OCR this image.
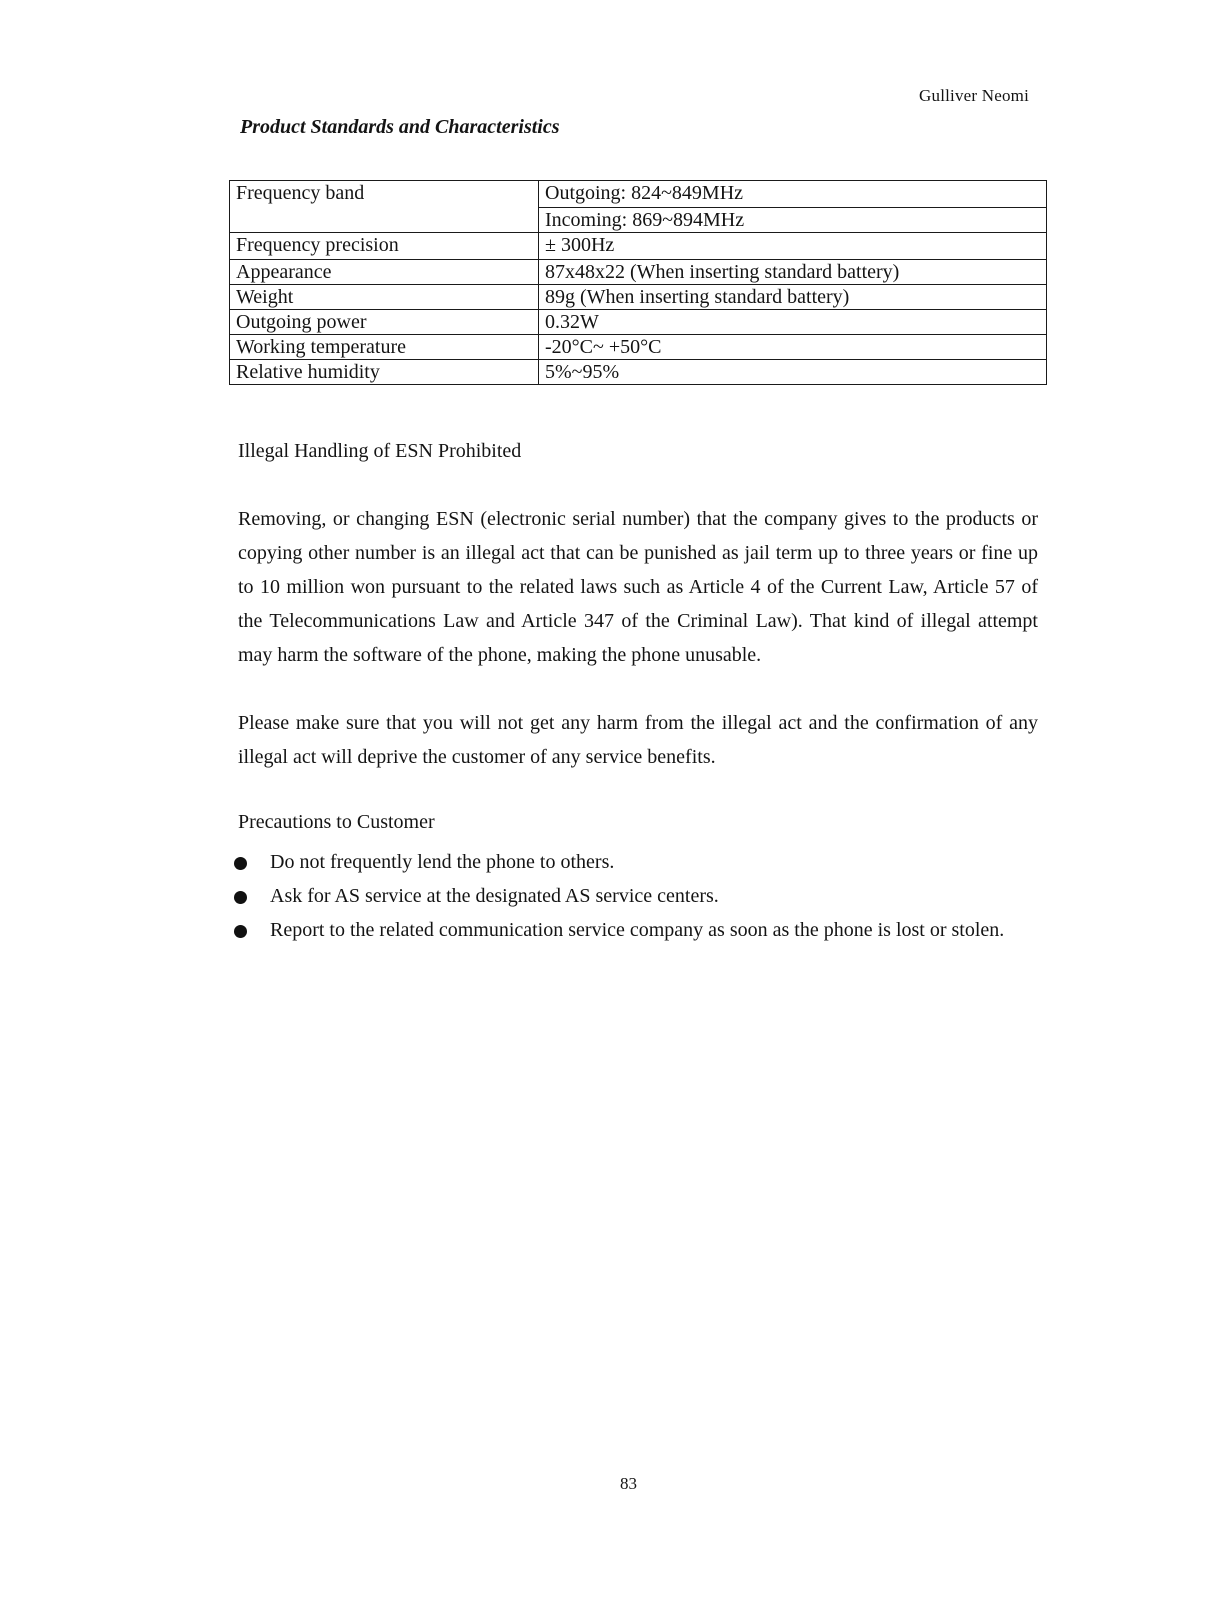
Gulliver Neomi
Product Standards and Characteristics
Frequency band	Outgoing: 824~849MHz
	Incoming: 869~894MHz
Frequency precision	± 300Hz
Appearance	87x48x22 (When inserting standard battery)
Weight	89g (When inserting standard battery)
Outgoing power	0.32W
Working temperature	-20°C~ +50°C
Relative humidity	5%~95%
Illegal Handling of ESN Prohibited

Removing, or changing ESN (electronic serial number) that the company gives to the products or copying other number is an illegal act that can be punished as jail term up to three years or fine up to 10 million won pursuant to the related laws such as Article 4 of the Current Law, Article 57 of the Telecommunications Law and Article 347 of the Criminal Law). That kind of illegal attempt may harm the software of the phone, making the phone unusable.

Please make sure that you will not get any harm from the illegal act and the confirmation of any illegal act will deprive the customer of any service benefits.

Precautions to Customer
Do not frequently lend the phone to others.
Ask for AS service at the designated AS service centers.
Report to the related communication service company as soon as the phone is lost or stolen.
83
